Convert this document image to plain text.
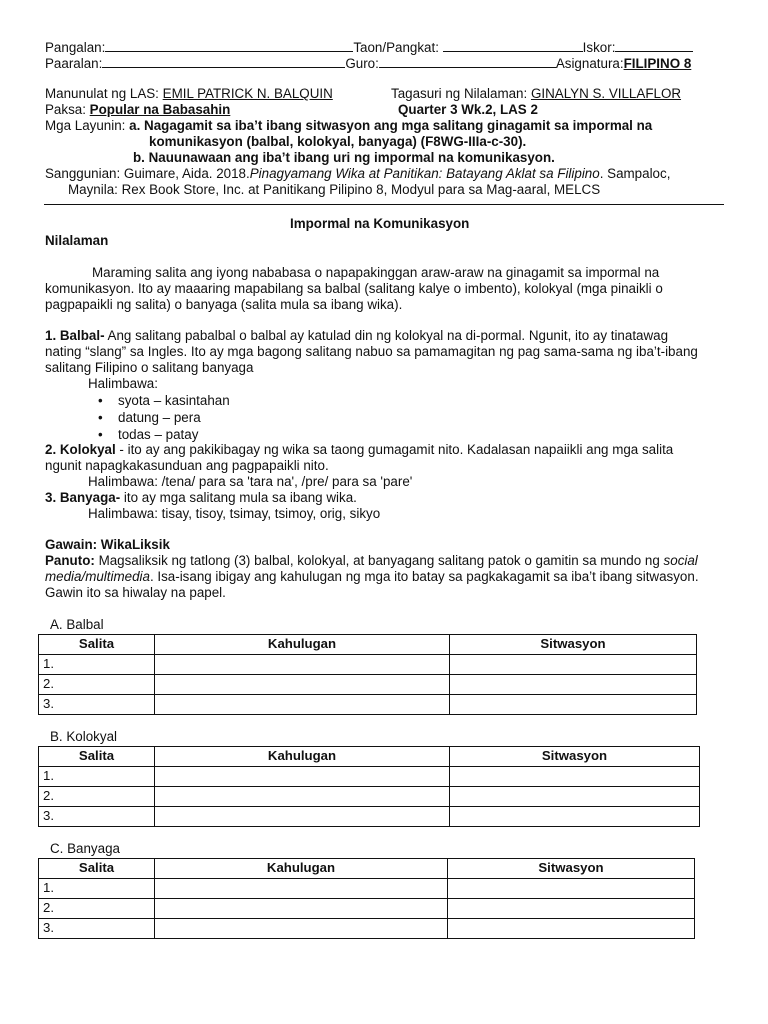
Pangalan:	Taon/Pangkat:	Iskor:
Paaralan:	Guro:	Asignatura:FILIPINO 8
Manunulat ng LAS: EMIL PATRICK N. BALQUIN	Tagasuri ng Nilalaman: GINALYN S. VILLAFLOR
Paksa: Popular na Babasahin	Quarter 3 Wk.2, LAS 2
Mga Layunin: a. Nagagamit sa iba’t ibang sitwasyon ang mga salitang ginagamit sa impormal na
komunikasyon (balbal, kolokyal, banyaga) (F8WG-IIIa-c-30).
b. Nauunawaan ang iba’t ibang uri ng impormal na komunikasyon.
Sanggunian: Guimare, Aida. 2018.Pinagyamang Wika at Panitikan: Batayang Aklat sa Filipino. Sampaloc,
Maynila: Rex Book Store, Inc. at Panitikang Pilipino 8, Modyul para sa Mag-aaral, MELCS
Impormal na Komunikasyon
Nilalaman
Maraming salita ang iyong nababasa o napapakinggan araw-araw na ginagamit sa impormal na
komunikasyon. Ito ay maaaring mapabilang sa balbal (salitang kalye o imbento), kolokyal (mga pinaikli o
pagpapaikli ng salita) o banyaga (salita mula sa ibang wika).
1. Balbal- Ang salitang pabalbal o balbal ay katulad din ng kolokyal na di-pormal. Ngunit, ito ay tinatawag
nating “slang” sa Ingles. Ito ay mga bagong salitang nabuo sa pamamagitan ng pag sama-sama ng iba’t-ibang
salitang Filipino o salitang banyaga
Halimbawa:
• syota – kasintahan
• datung – pera
• todas – patay
2. Kolokyal - ito ay ang pakikibagay ng wika sa taong gumagamit nito. Kadalasan napaiikli ang mga salita
ngunit napagkakasunduan ang pagpapaikli nito.
Halimbawa: /tena/ para sa 'tara na', /pre/ para sa 'pare'
3. Banyaga- ito ay mga salitang mula sa ibang wika.
Halimbawa: tisay, tisoy, tsimay, tsimoy, orig, sikyo
Gawain: WikaLiksik
Panuto: Magsaliksik ng tatlong (3) balbal, kolokyal, at banyagang salitang patok o gamitin sa mundo ng social
media/multimedia. Isa-isang ibigay ang kahulugan ng mga ito batay sa pagkakagamit sa iba’t ibang sitwasyon.
Gawin ito sa hiwalay na papel.
A. Balbal
Salita	Kahulugan	Sitwasyon
1.		
2.		
3.		
B. Kolokyal
Salita	Kahulugan	Sitwasyon
1.		
2.		
3.		
C. Banyaga
Salita	Kahulugan	Sitwasyon
1.		
2.		
3.		
